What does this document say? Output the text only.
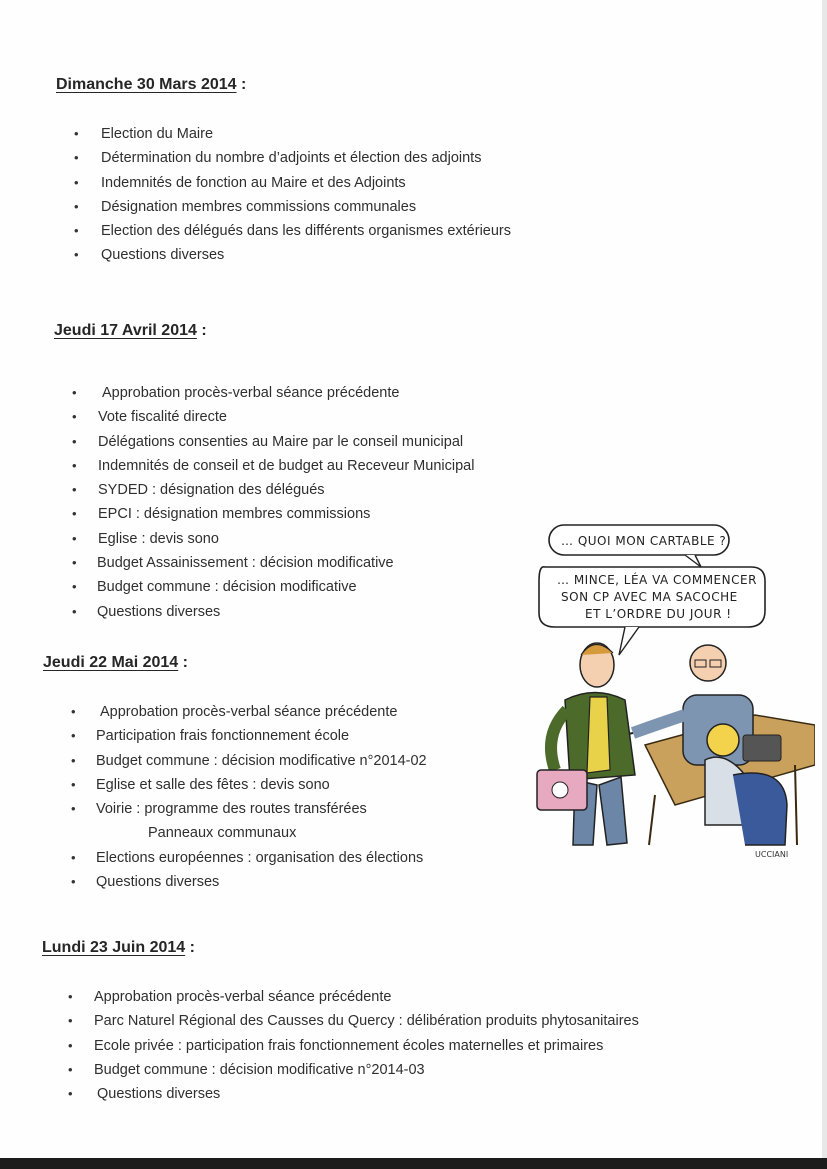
Dimanche 30 Mars 2014 :
•	Election du Maire
•	Détermination du nombre d’adjoints et élection des adjoints
•	Indemnités de fonction au Maire et des Adjoints
•	Désignation membres commissions communales
•	Election des délégués dans les différents organismes extérieurs
•	Questions diverses
Jeudi 17 Avril 2014 :
•	Approbation procès-verbal séance précédente
•	Vote fiscalité directe
•	Délégations consenties au Maire par le conseil municipal
•	Indemnités de conseil et de budget au Receveur Municipal
•	SYDED : désignation des délégués
•	EPCI : désignation membres commissions
•	Eglise : devis sono
•	Budget Assainissement : décision modificative
•	Budget commune : décision modificative
•	Questions diverses
Jeudi 22 Mai 2014 :
•	Approbation procès-verbal séance précédente
•	Participation frais fonctionnement école
•	Budget commune : décision modificative n°2014-02
•	Eglise et salle des fêtes : devis sono
•	Voirie : programme des routes transférées
Panneaux communaux
•	Elections européennes : organisation des élections
•	Questions diverses
Lundi 23 Juin 2014 :
•	Approbation procès-verbal séance précédente
•	Parc Naturel Régional des Causses du Quercy : délibération produits phytosanitaires
•	Ecole privée : participation frais fonctionnement écoles maternelles et primaires
•	Budget commune : décision modificative n°2014-03
•	Questions diverses
… QUOI MON CARTABLE ?
… MINCE, LÉA VA COMMENCER
SON CP AVEC MA SACOCHE
ET L’ORDRE DU JOUR !
UCCIANI
